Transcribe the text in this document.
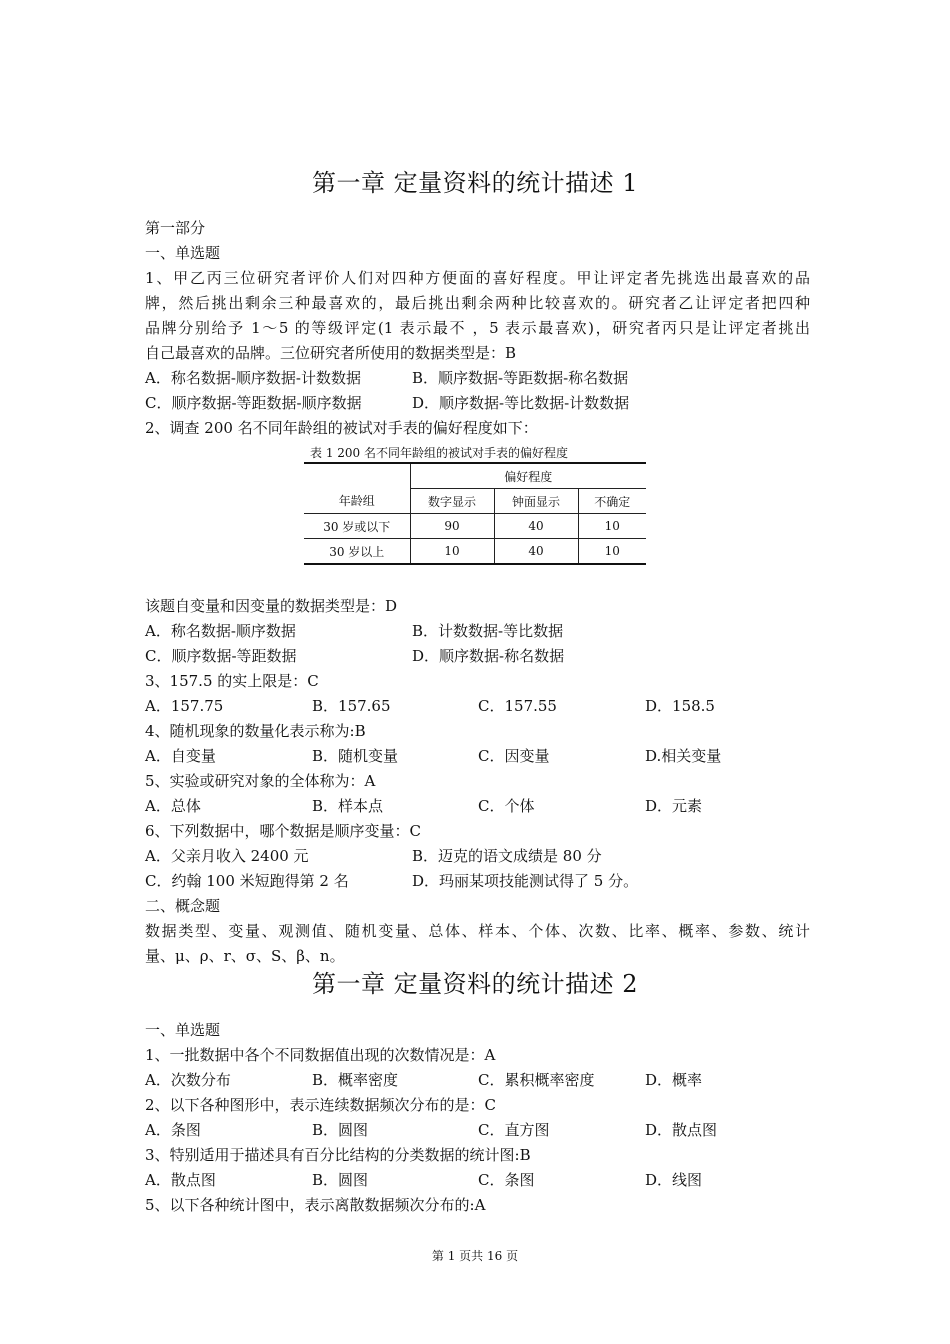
第一章 定量资料的统计描述 1
第一部分
一、单选题
1、甲乙丙三位研究者评价人们对四种方便面的喜好程度。甲让评定者先挑选出最喜欢的品
牌，然后挑出剩余三种最喜欢的，最后挑出剩余两种比较喜欢的。研究者乙让评定者把四种
品牌分别给予 1～5 的等级评定(1 表示最不 ，5 表示最喜欢)，研究者丙只是让评定者挑出
自己最喜欢的品牌。三位研究者所使用的数据类型是：B
A．称名数据-顺序数据-计数数据	B．顺序数据-等距数据-称名数据
C．顺序数据-等距数据-顺序数据	D．顺序数据-等比数据-计数数据
2、调查 200 名不同年龄组的被试对手表的偏好程度如下：
表 1 200 名不同年龄组的被试对手表的偏好程度
	偏好程度		
年龄组	数字显示	钟面显示	不确定
30 岁或以下	90	40	10
30 岁以上	10	40	10
该题自变量和因变量的数据类型是：D
A．称名数据-顺序数据	B．计数数据-等比数据
C．顺序数据-等距数据	D．顺序数据-称名数据
3、157.5 的实上限是：C
A．157.75	B．157.65	C．157.55	D．158.5
4、随机现象的数量化表示称为:B
A．自变量	B．随机变量	C．因变量	D.相关变量
5、实验或研究对象的全体称为：A
A．总体	B．样本点	C．个体	D．元素
6、下列数据中，哪个数据是顺序变量：C
A．父亲月收入 2400 元	B．迈克的语文成绩是 80 分
C．约翰 100 米短跑得第 2 名	D．玛丽某项技能测试得了 5 分。
二、概念题
数据类型、变量、观测值、随机变量、总体、样本、个体、次数、比率、概率、参数、统计
量、μ、ρ、r、σ、S、β、n。
第一章 定量资料的统计描述 2
一、单选题
1、一批数据中各个不同数据值出现的次数情况是：A
A．次数分布	B．概率密度	C．累积概率密度	D．概率
2、以下各种图形中，表示连续数据频次分布的是：C
A．条图	B．圆图	C．直方图	D．散点图
3、特别适用于描述具有百分比结构的分类数据的统计图:B
A．散点图	B．圆图	C．条图	D．线图
5、以下各种统计图中，表示离散数据频次分布的:A
第 1 页共 16 页
